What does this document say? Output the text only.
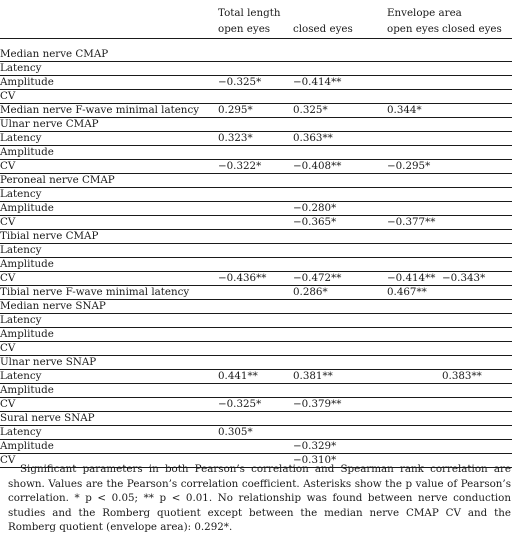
	Total length		Envelope area	
	open eyes	closed eyes	open eyes	closed eyes

Median nerve CMAP				
Latency				
Amplitude	−0.325*	−0.414**		
CV				
Median nerve F-wave minimal latency	0.295*	0.325*	0.344*	
Ulnar nerve CMAP				
Latency	0.323*	0.363**		
Amplitude				
CV	−0.322*	−0.408**	−0.295*	
Peroneal nerve CMAP				
Latency				
Amplitude		−0.280*		
CV		−0.365*	−0.377**	
Tibial nerve CMAP				
Latency				
Amplitude				
CV	−0.436**	−0.472**	−0.414**	−0.343*
Tibial nerve F-wave minimal latency		0.286*	0.467**	
Median nerve SNAP				
Latency				
Amplitude				
CV				
Ulnar nerve SNAP				
Latency	0.441**	0.381**		0.383**
Amplitude				
CV	−0.325*	−0.379**		
Sural nerve SNAP				
Latency	0.305*			
Amplitude		−0.329*		
CV		−0.310*		

Significant parameters in both Pearson’s correlation and Spearman rank correlation are shown. Values are the Pearson’s correlation coefficient. Asterisks show the p value of Pearson’s correlation. * p < 0.05; ** p < 0.01. No relationship was found between nerve conduction studies and the Romberg quotient except between the median nerve CMAP CV and the Romberg quotient (envelope area): 0.292*.
